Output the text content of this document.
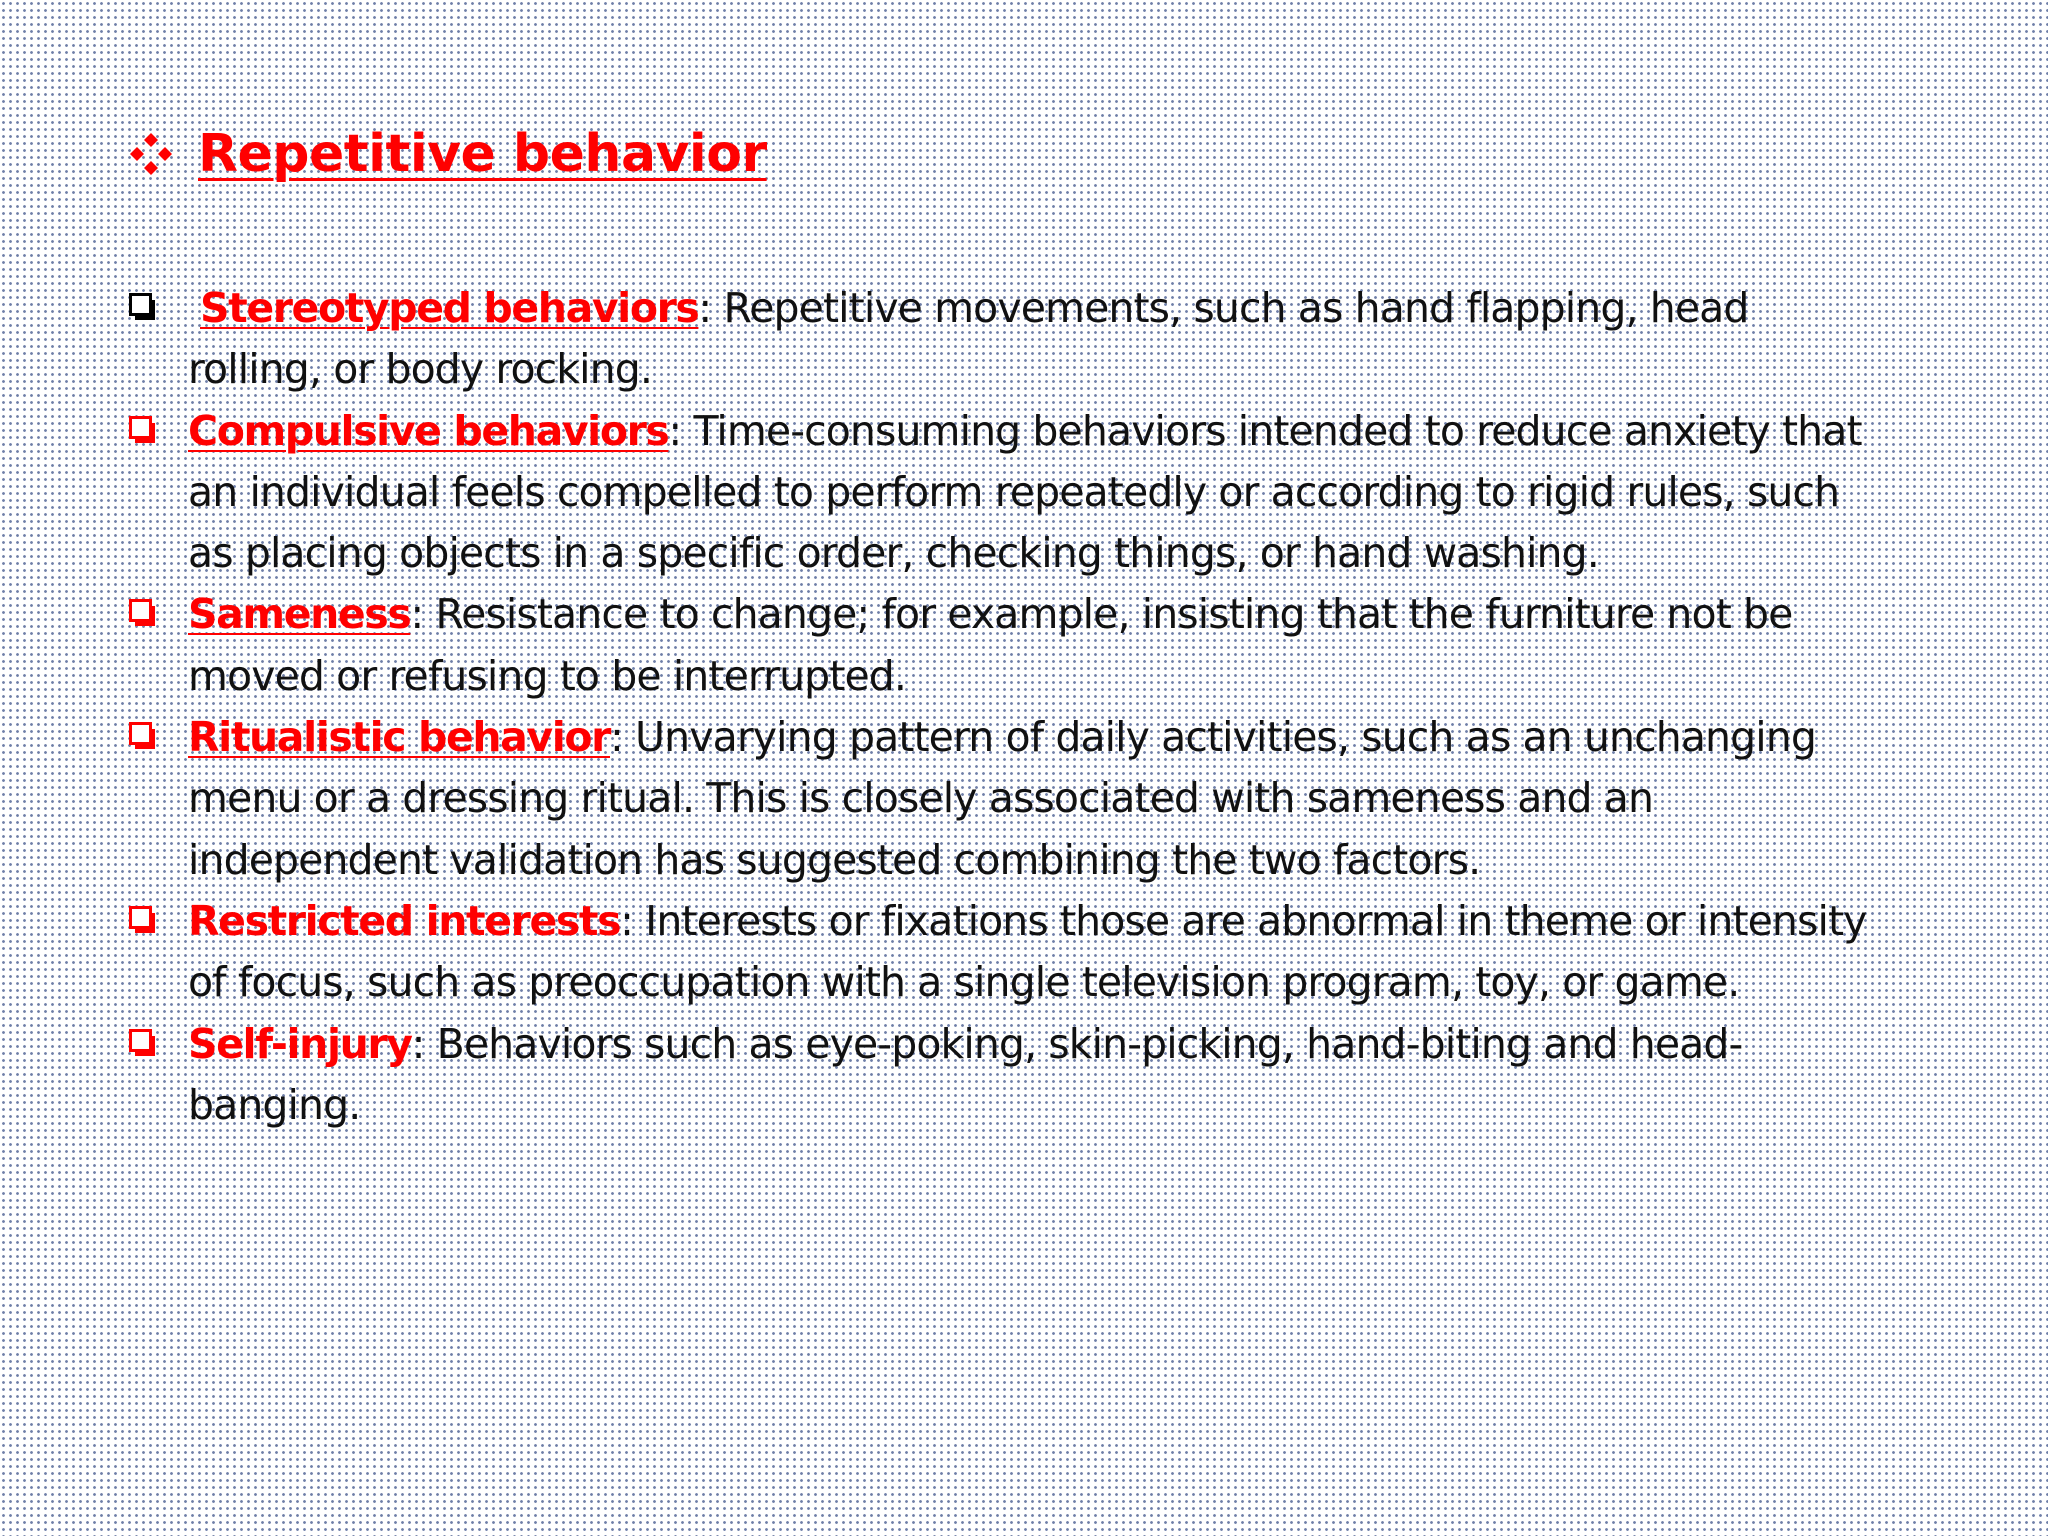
Repetitive behavior
Stereotyped behaviors: Repetitive movements, such as hand flapping, head rolling, or body rocking.
Compulsive behaviors: Time-consuming behaviors intended to reduce anxiety that an individual feels compelled to perform repeatedly or according to rigid rules, such as placing objects in a specific order, checking things, or hand washing.
Sameness: Resistance to change; for example, insisting that the furniture not be moved or refusing to be interrupted.
Ritualistic behavior: Unvarying pattern of daily activities, such as an unchanging menu or a dressing ritual. This is closely associated with sameness and an independent validation has suggested combining the two factors.
Restricted interests: Interests or fixations those are abnormal in theme or intensity of focus, such as preoccupation with a single television program, toy, or game.
Self-injury: Behaviors such as eye-poking, skin-picking, hand-biting and head-banging.
